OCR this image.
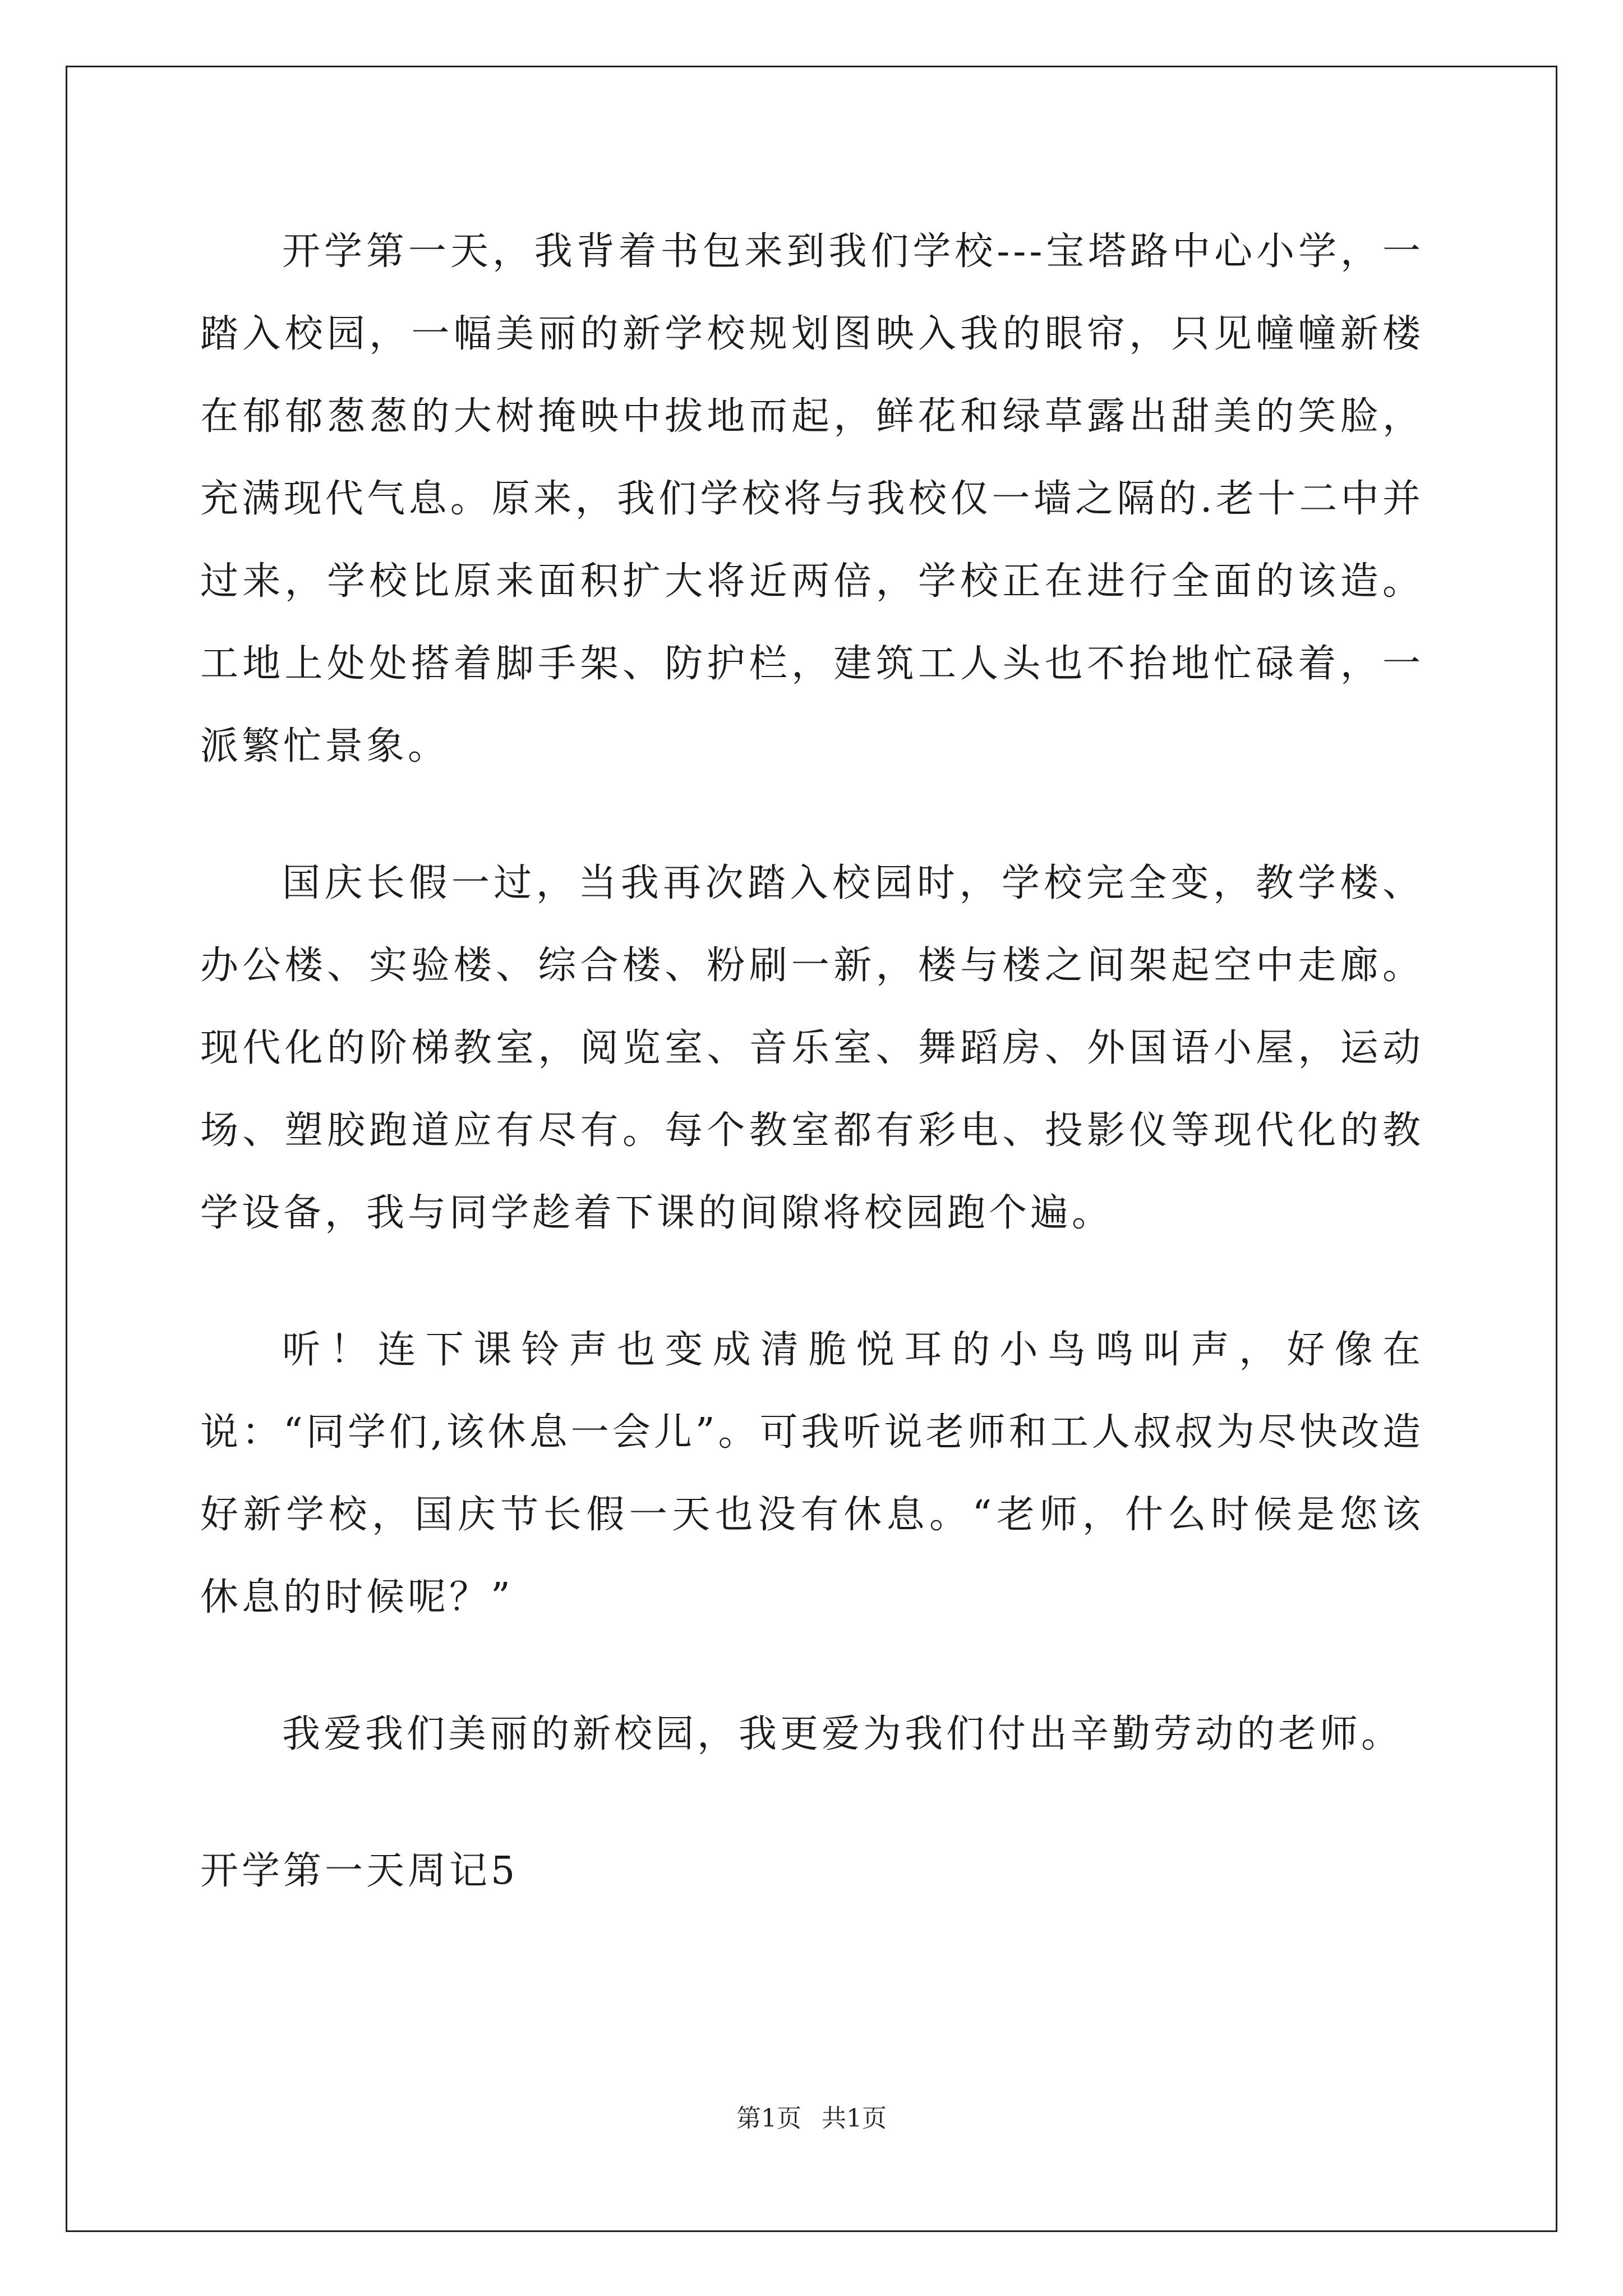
开学第一天，我背着书包来到我们学校---宝塔路中心小学，一踏入校园，一幅美丽的新学校规划图映入我的眼帘，只见幢幢新楼在郁郁葱葱的大树掩映中拔地而起，鲜花和绿草露出甜美的笑脸，充满现代气息。原来，我们学校将与我校仅一墙之隔的.老十二中并过来，学校比原来面积扩大将近两倍，学校正在进行全面的该造。工地上处处搭着脚手架、防护栏，建筑工人头也不抬地忙碌着，一派繁忙景象。

国庆长假一过，当我再次踏入校园时，学校完全变，教学楼、办公楼、实验楼、综合楼、粉刷一新，楼与楼之间架起空中走廊。现代化的阶梯教室，阅览室、音乐室、舞蹈房、外国语小屋，运动场、塑胶跑道应有尽有。每个教室都有彩电、投影仪等现代化的教学设备，我与同学趁着下课的间隙将校园跑个遍。

听！连下课铃声也变成清脆悦耳的小鸟鸣叫声，好像在说：“同学们,该休息一会儿”。可我听说老师和工人叔叔为尽快改造好新学校，国庆节长假一天也没有休息。“老师，什么时候是您该休息的时候呢？”

我爱我们美丽的新校园，我更爱为我们付出辛勤劳动的老师。

开学第一天周记5

第1页 共1页
